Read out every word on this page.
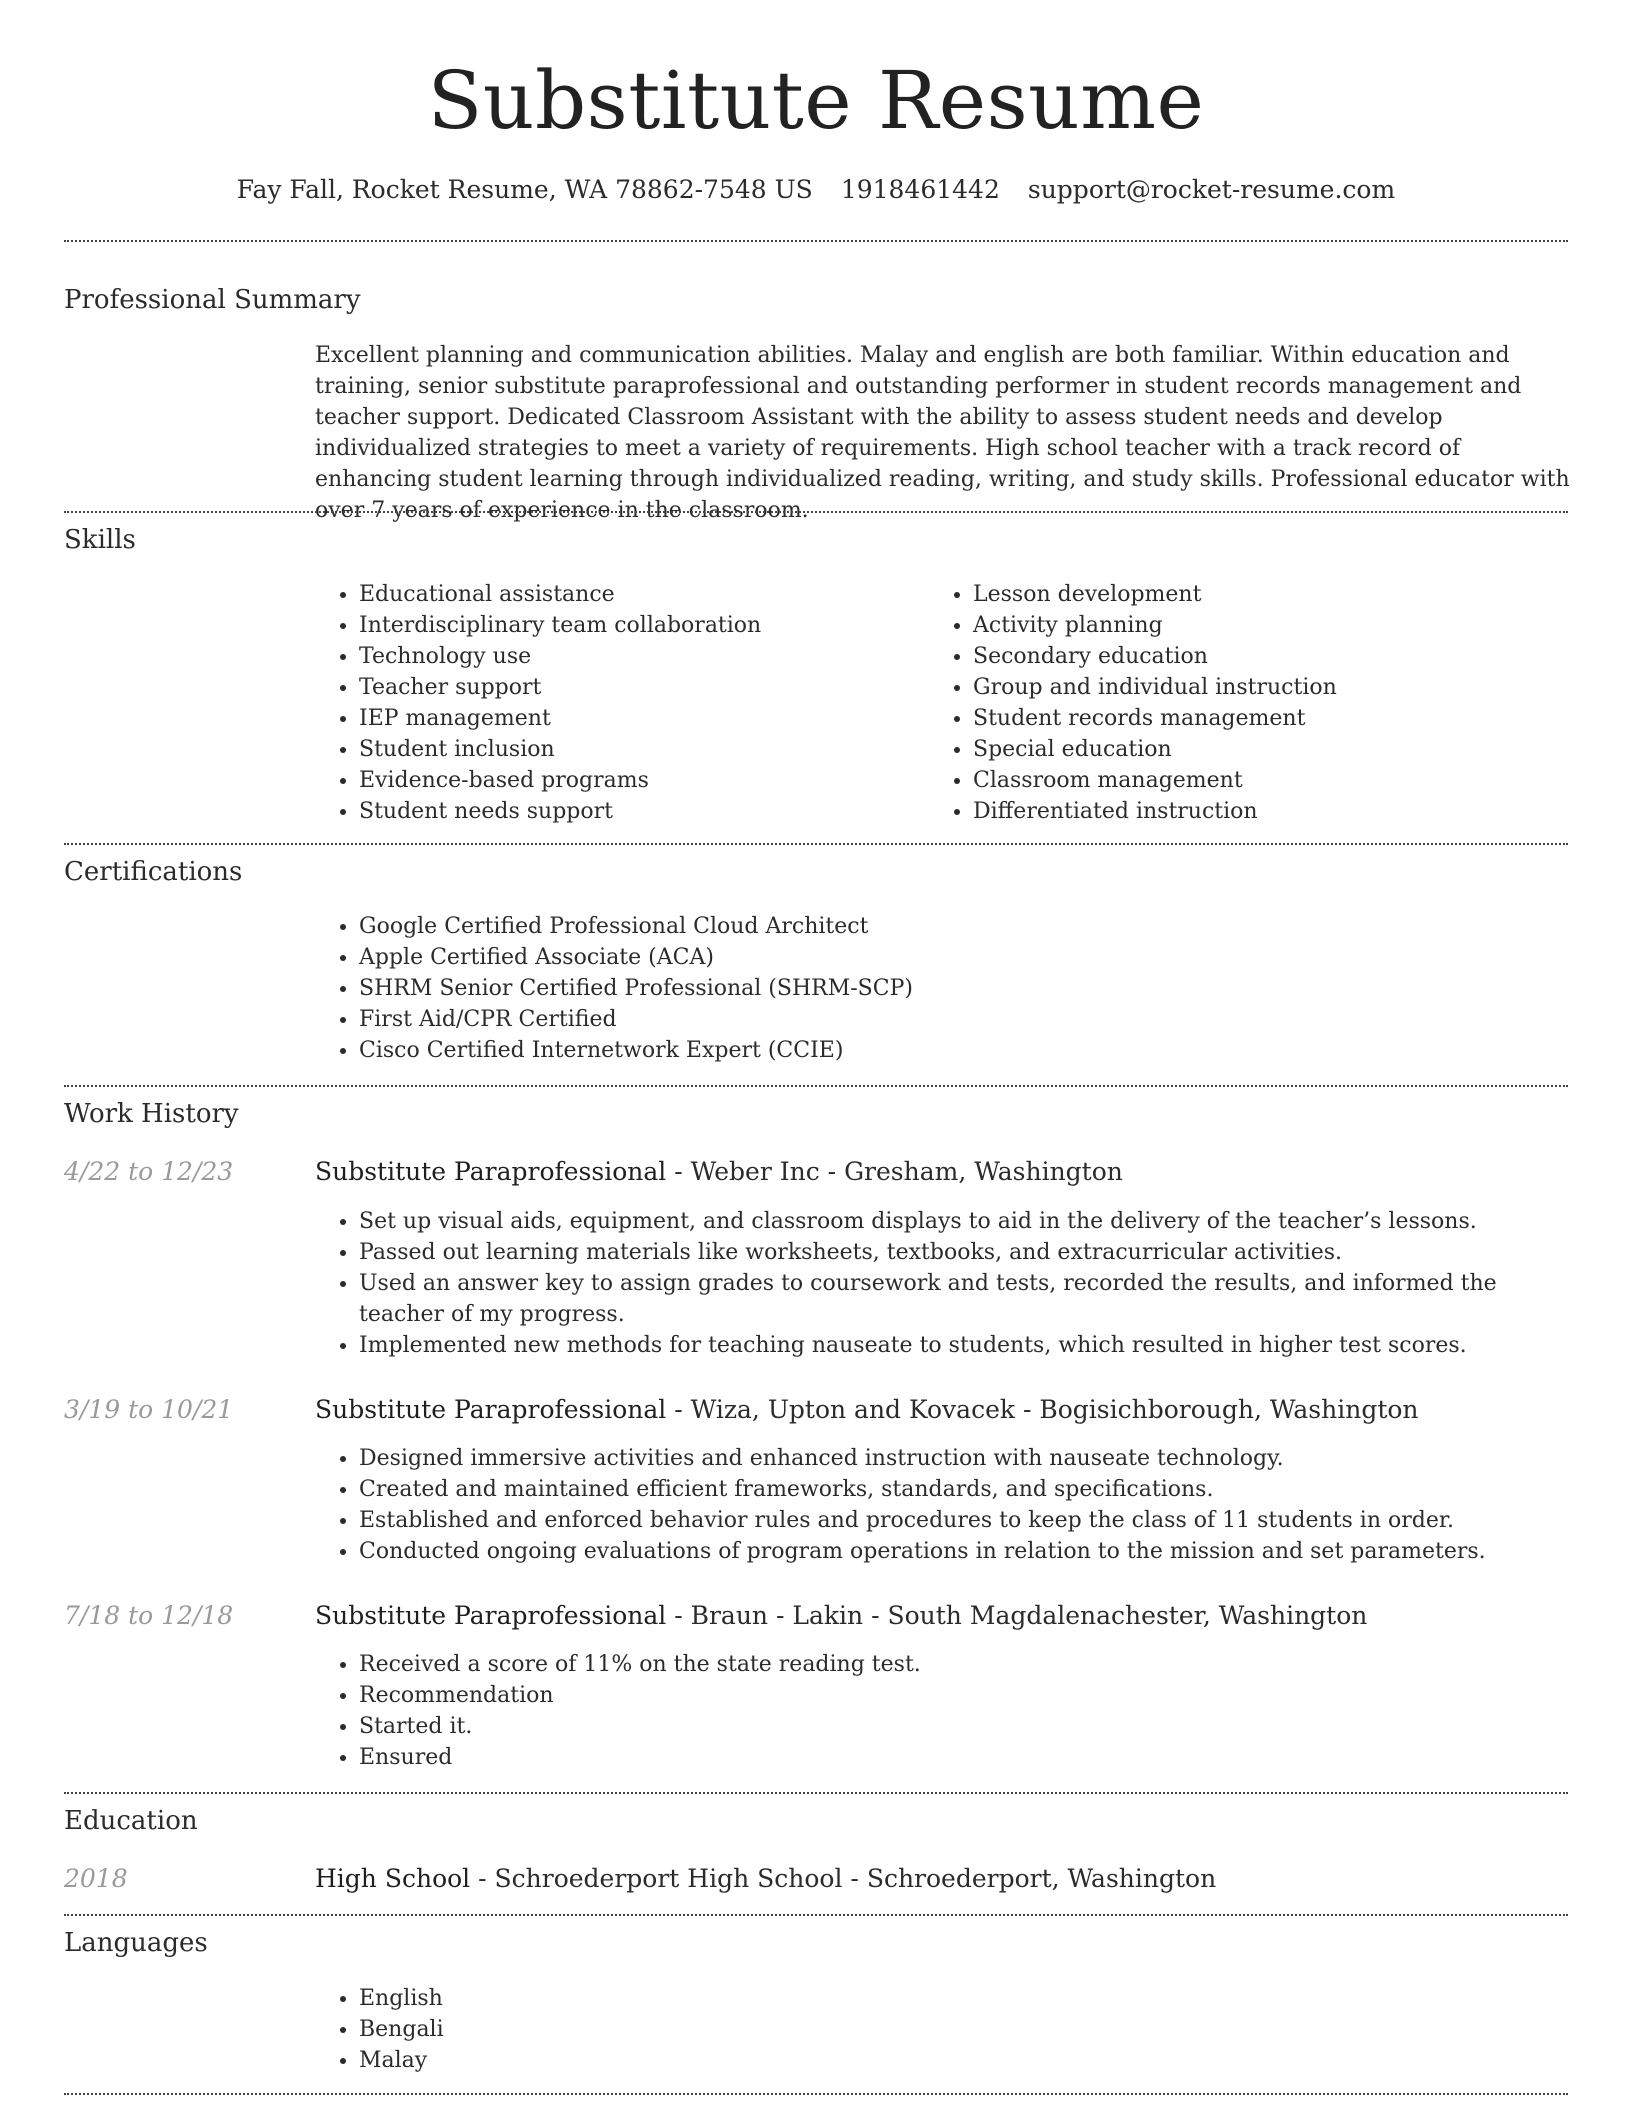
Substitute Resume
Fay Fall, Rocket Resume, WA 78862-7548 US 1918461442 support@rocket-resume.com
Professional Summary
Excellent planning and communication abilities. Malay and english are both familiar. Within education and training, senior substitute paraprofessional and outstanding performer in student records management and teacher support. Dedicated Classroom Assistant with the ability to assess student needs and develop individualized strategies to meet a variety of requirements. High school teacher with a track record of enhancing student learning through individualized reading, writing, and study skills. Professional educator with over 7 years of experience in the classroom.
Skills
• Educational assistance
• Interdisciplinary team collaboration
• Technology use
• Teacher support
• IEP management
• Student inclusion
• Evidence-based programs
• Student needs support
• Lesson development
• Activity planning
• Secondary education
• Group and individual instruction
• Student records management
• Special education
• Classroom management
• Differentiated instruction
Certifications
• Google Certified Professional Cloud Architect
• Apple Certified Associate (ACA)
• SHRM Senior Certified Professional (SHRM-SCP)
• First Aid/CPR Certified
• Cisco Certified Internetwork Expert (CCIE)
Work History
4/22 to 12/23	Substitute Paraprofessional - Weber Inc - Gresham, Washington
• Set up visual aids, equipment, and classroom displays to aid in the delivery of the teacher’s lessons.
• Passed out learning materials like worksheets, textbooks, and extracurricular activities.
• Used an answer key to assign grades to coursework and tests, recorded the results, and informed the teacher of my progress.
• Implemented new methods for teaching nauseate to students, which resulted in higher test scores.
3/19 to 10/21	Substitute Paraprofessional - Wiza, Upton and Kovacek - Bogisichborough, Washington
• Designed immersive activities and enhanced instruction with nauseate technology.
• Created and maintained efficient frameworks, standards, and specifications.
• Established and enforced behavior rules and procedures to keep the class of 11 students in order.
• Conducted ongoing evaluations of program operations in relation to the mission and set parameters.
7/18 to 12/18	Substitute Paraprofessional - Braun - Lakin - South Magdalenachester, Washington
• Received a score of 11% on the state reading test.
• Recommendation
• Started it.
• Ensured
Education
2018	High School - Schroederport High School - Schroederport, Washington
Languages
• English
• Bengali
• Malay
